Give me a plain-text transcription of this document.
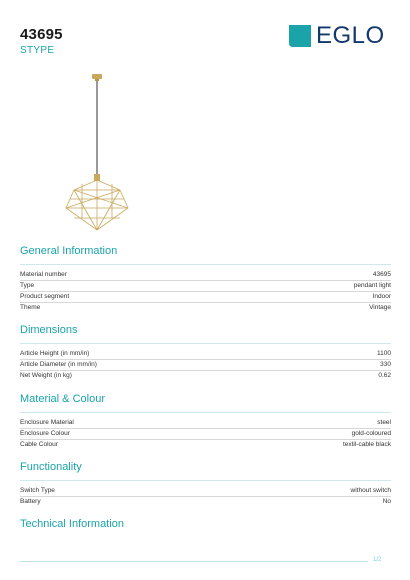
43695
STYPE
EGLO
General Information
Material number	43695
Type	pendant light
Product segment	Indoor
Theme	Vintage
Dimensions
Article Height (in mm/in)	1100
Article Diameter (in mm/in)	330
Net Weight (in kg)	0.62
Material & Colour
Enclosure Material	steel
Enclosure Colour	gold-coloured
Cable Colour	textil-cable black
Functionality
Switch Type	without switch
Battery	No
Technical Information
1/2
